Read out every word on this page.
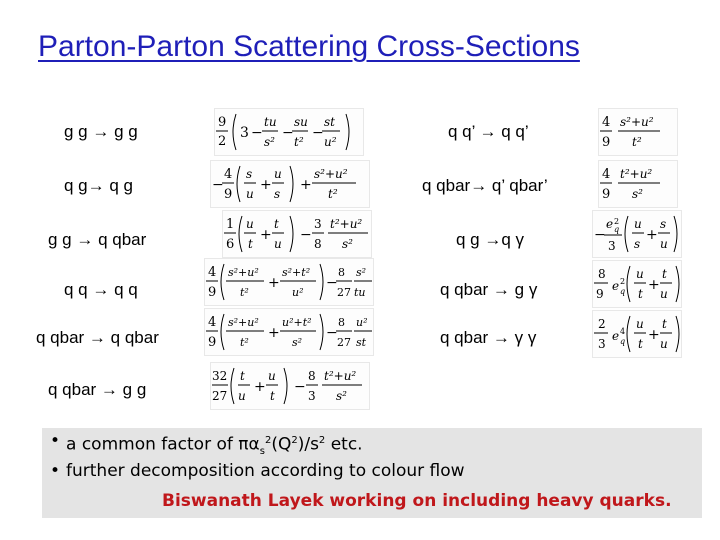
Parton-Parton Scattering Cross-Sections
g g → g g
q g→ q g
g g → q qbar
q q → q q
q qbar → q qbar
q qbar → g g
q q’ → q q’
q qbar→ q’ qbar’
q g →q γ
q qbar → g γ
q qbar → γ γ
9
2
3 −
tu
s²
−
su
t²
−
st
u²
−
4
9
s
u
+
u
s
+
s²+u²
t²
1
6
u
t
+
t
u
−
3
8
t²+u²
s²
4
9
s²+u²
t²
+
s²+t²
u²
−
8
27
s²
tu
4
9
s²+u²
t²
+
u²+t²
s²
−
8
27
u²
st
32
27
t
u
+
u
t
−
8
3
t²+u²
s²
4
9
s²+u²
t²
4
9
t²+u²
s²
−
e 2
q
3
u
s
+
s
u
8
9
e 2
q
u
t
+
t
u
2
3
e 4
q
u
t
+
t
u
• a common factor of $\pi\alpha_s^2(Q^2)/s^2$ etc.
• further decomposition according to colour flow
Biswanath Layek working on including heavy quarks.
